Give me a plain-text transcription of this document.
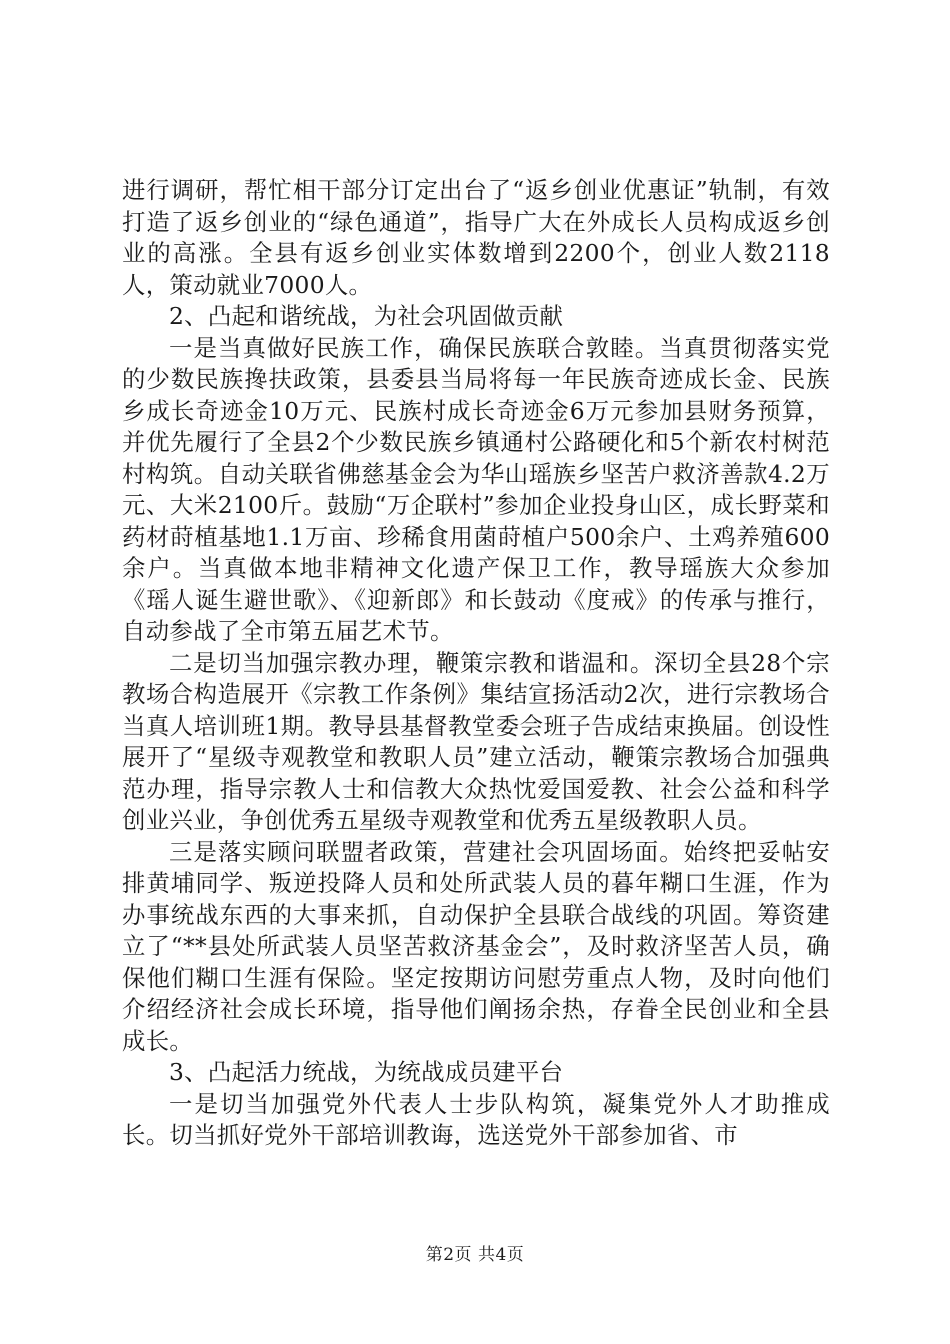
进行调研，帮忙相干部分订定出台了“返乡创业优惠证”轨制，有效打造了返乡创业的“绿色通道”，指导广大在外成长人员构成返乡创业的高涨。全县有返乡创业实体数增到2200个，创业人数2118人，策动就业7000人。

2、凸起和谐统战，为社会巩固做贡献

一是当真做好民族工作，确保民族联合敦睦。当真贯彻落实党的少数民族搀扶政策，县委县当局将每一年民族奇迹成长金、民族乡成长奇迹金10万元、民族村成长奇迹金6万元参加县财务预算，并优先履行了全县2个少数民族乡镇通村公路硬化和5个新农村树范村构筑。自动关联省佛慈基金会为华山瑶族乡坚苦户救济善款4.2万元、大米2100斤。鼓励“万企联村”参加企业投身山区，成长野菜和药材莳植基地1.1万亩、珍稀食用菌莳植户500余户、土鸡养殖600余户。当真做本地非精神文化遗产保卫工作，教导瑶族大众参加《瑶人诞生避世歌》、《迎新郎》和长鼓动《度戒》的传承与推行，自动参战了全市第五届艺术节。

二是切当加强宗教办理，鞭策宗教和谐温和。深切全县28个宗教场合构造展开《宗教工作条例》集结宣扬活动2次，进行宗教场合当真人培训班1期。教导县基督教堂委会班子告成结束换届。创设性展开了“星级寺观教堂和教职人员”建立活动，鞭策宗教场合加强典范办理，指导宗教人士和信教大众热忱爱国爱教、社会公益和科学创业兴业，争创优秀五星级寺观教堂和优秀五星级教职人员。

三是落实顾问联盟者政策，营建社会巩固场面。始终把妥帖安排黄埔同学、叛逆投降人员和处所武装人员的暮年糊口生涯，作为办事统战东西的大事来抓，自动保护全县联合战线的巩固。筹资建立了“**县处所武装人员坚苦救济基金会”，及时救济坚苦人员，确保他们糊口生涯有保险。坚定按期访问慰劳重点人物，及时向他们介绍经济社会成长环境，指导他们阐扬余热，存眷全民创业和全县成长。

3、凸起活力统战，为统战成员建平台

一是切当加强党外代表人士步队构筑，凝集党外人才助推成长。切当抓好党外干部培训教诲，选送党外干部参加省、市

第2页 共4页
